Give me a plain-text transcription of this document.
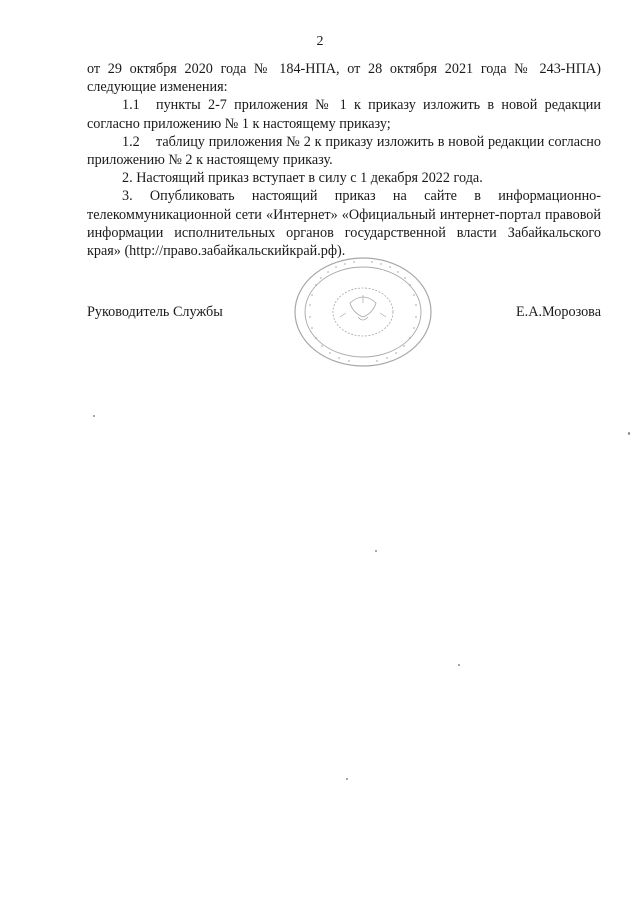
2

от 29 октября 2020 года № 184-НПА, от 28 октября 2021 года № 243-НПА)

следующие изменения:

1.1 пункты 2-7 приложения № 1 к приказу изложить в новой редакции согласно приложению № 1 к настоящему приказу;

1.2 таблицу приложения № 2 к приказу изложить в новой редакции согласно приложению № 2 к настоящему приказу.

2. Настоящий приказ вступает в силу с 1 декабря 2022 года.

3. Опубликовать настоящий приказ на сайте в информационно-телекоммуникационной сети «Интернет» «Официальный интернет-портал правовой информации исполнительных органов государственной власти Забайкальского края» (http://право.забайкальскийкрай.рф).

Руководитель Службы	Е.А.Морозова
